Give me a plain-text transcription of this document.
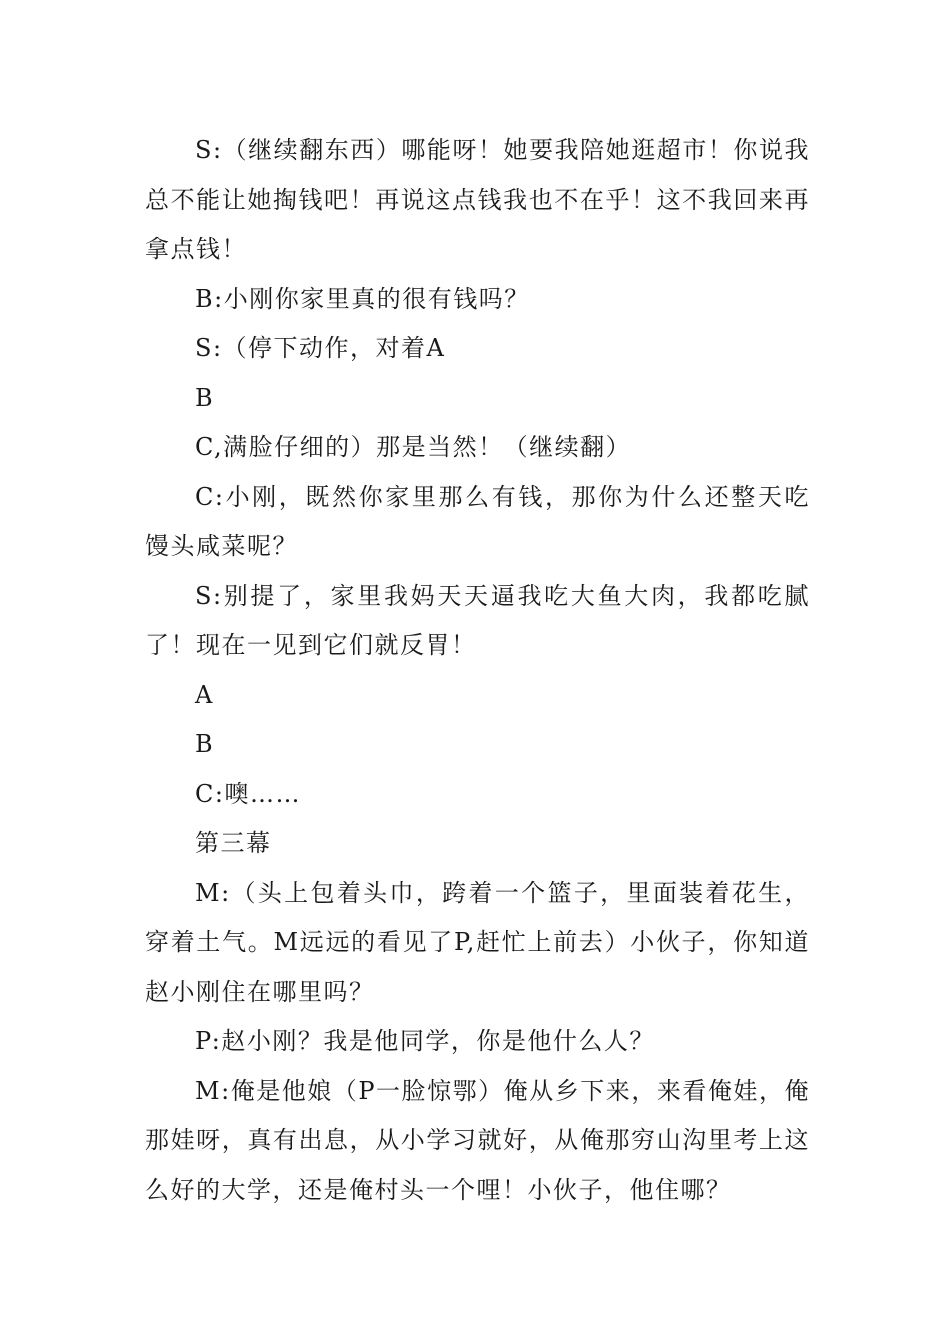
S:（继续翻东西）哪能呀！她要我陪她逛超市！你说我总不能让她掏钱吧！再说这点钱我也不在乎！这不我回来再拿点钱！

B:小刚你家里真的很有钱吗？

S:（停下动作，对着A

B

C,满脸仔细的）那是当然！（继续翻）

C:小刚，既然你家里那么有钱，那你为什么还整天吃馒头咸菜呢？

S:别提了，家里我妈天天逼我吃大鱼大肉，我都吃腻了！现在一见到它们就反胃！

A

B

C:噢……

第三幕

M:（头上包着头巾，跨着一个篮子，里面装着花生，穿着土气。M远远的看见了P,赶忙上前去）小伙子，你知道赵小刚住在哪里吗？

P:赵小刚？我是他同学，你是他什么人？

M:俺是他娘（P一脸惊鄂）俺从乡下来，来看俺娃，俺那娃呀，真有出息，从小学习就好，从俺那穷山沟里考上这么好的大学，还是俺村头一个哩！小伙子，他住哪？
